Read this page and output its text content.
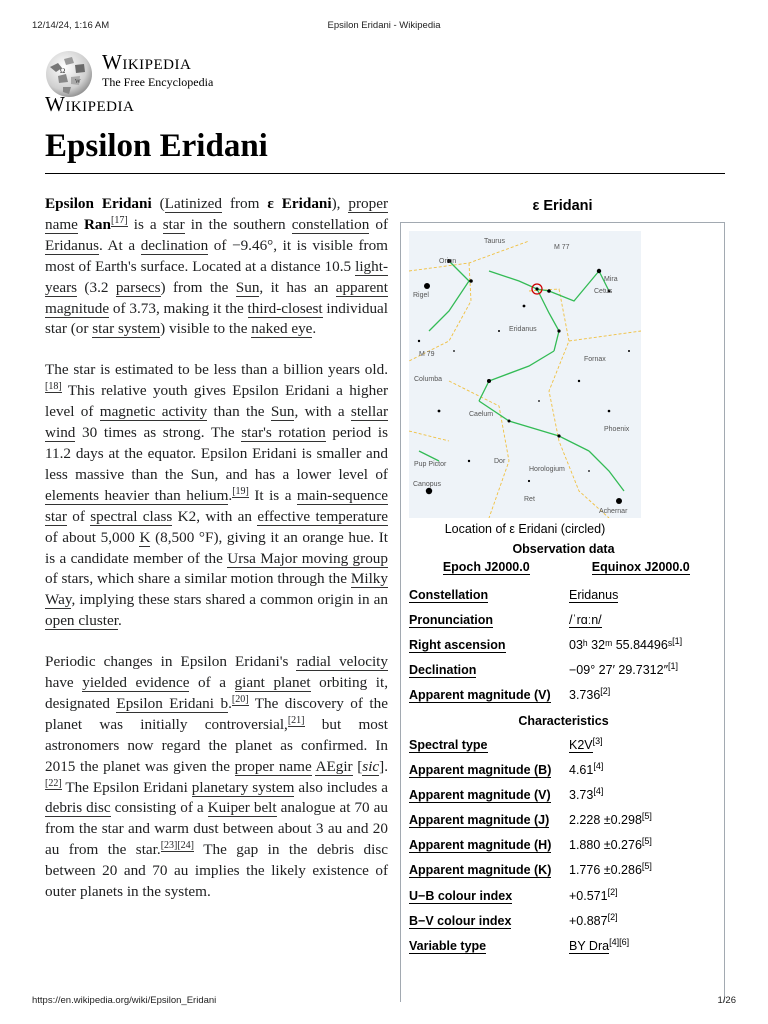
12/14/24, 1:16 AM	Epsilon Eridani - Wikipedia
Ω
W
Wikipedia
The Free Encyclopedia
Wikipedia
Epsilon Eridani

Epsilon Eridani (Latinized from ε Eridani), proper name Ran[17] is a star in the southern constellation of Eridanus. At a declination of −9.46°, it is visible from most of Earth's surface. Located at a distance 10.5 light-years (3.2 parsecs) from the Sun, it has an apparent magnitude of 3.73, making it the third-closest individual star (or star system) visible to the naked eye.

The star is estimated to be less than a billion years old.[18] This relative youth gives Epsilon Eridani a higher level of magnetic activity than the Sun, with a stellar wind 30 times as strong. The star's rotation period is 11.2 days at the equator. Epsilon Eridani is smaller and less massive than the Sun, and has a lower level of elements heavier than helium.[19] It is a main-sequence star of spectral class K2, with an effective temperature of about 5,000 K (8,500 °F), giving it an orange hue. It is a candidate member of the Ursa Major moving group of stars, which share a similar motion through the Milky Way, implying these stars shared a common origin in an open cluster.

Periodic changes in Epsilon Eridani's radial velocity have yielded evidence of a giant planet orbiting it, designated Epsilon Eridani b.[20] The discovery of the planet was initially controversial,[21] but most astronomers now regard the planet as confirmed. In 2015 the planet was given the proper name AEgir [sic].[22] The Epsilon Eridani planetary system also includes a debris disc consisting of a Kuiper belt analogue at 70 au from the star and warm dust between about 3 au and 20 au from the star.[23][24] The gap in the debris disc between 20 and 70 au implies the likely existence of outer planets in the system.

ε Eridani
Taurus
Orion
M 77
Mira
Cetus
Rigel
M 79
Eridanus
Fornax
Columba
Caelum
Phoenix
Pup Pictor	Dor
Horologium
Canopus
Ret
Achernar
Location of ε Eridani (circled)
Observation data
Epoch J2000.0	Equinox J2000.0
Constellation	Eridanus
Pronunciation	/ˈrɑːn/
Right ascension	03ʰ 32ᵐ 55.84496ˢ[1]
Declination	−09° 27′ 29.7312″[1]
Apparent magnitude (V)	3.736[2]
Characteristics
Spectral type	K2V[3]
Apparent magnitude (B)	4.61[4]
Apparent magnitude (V)	3.73[4]
Apparent magnitude (J)	2.228 ±0.298[5]
Apparent magnitude (H)	1.880 ±0.276[5]
Apparent magnitude (K)	1.776 ±0.286[5]
U−B colour index	+0.571[2]
B−V colour index	+0.887[2]
Variable type	BY Dra[4][6]
https://en.wikipedia.org/wiki/Epsilon_Eridani	1/26
